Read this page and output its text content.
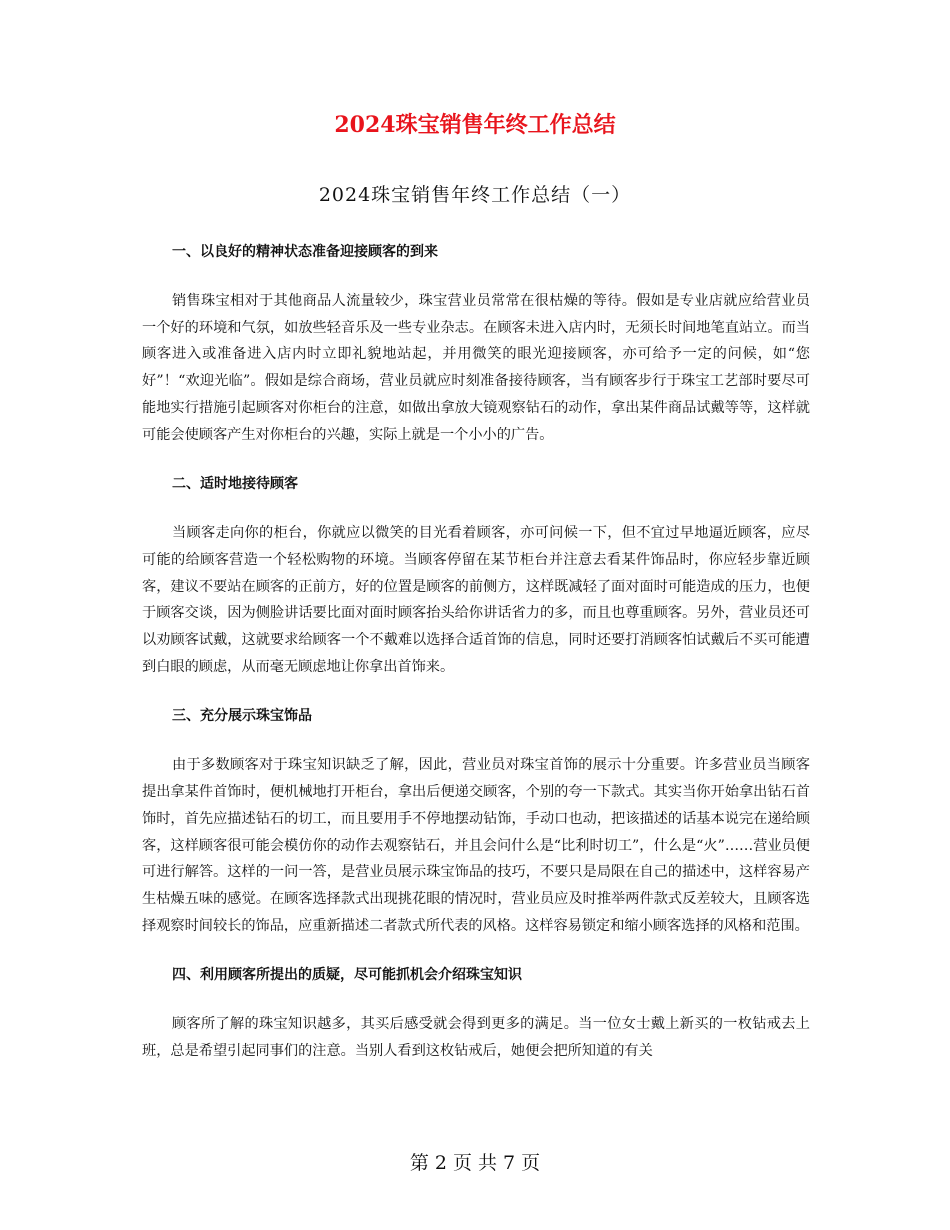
2024珠宝销售年终工作总结
2024珠宝销售年终工作总结（一）
一、以良好的精神状态准备迎接顾客的到来

销售珠宝相对于其他商品人流量较少，珠宝营业员常常在很枯燥的等待。假如是专业店就应给营业员一个好的环境和气氛，如放些轻音乐及一些专业杂志。在顾客未进入店内时，无须长时间地笔直站立。而当顾客进入或准备进入店内时立即礼貌地站起，并用微笑的眼光迎接顾客，亦可给予一定的问候，如“您好”！“欢迎光临”。假如是综合商场，营业员就应时刻准备接待顾客，当有顾客步行于珠宝工艺部时要尽可能地实行措施引起顾客对你柜台的注意，如做出拿放大镜观察钻石的动作，拿出某件商品试戴等等，这样就可能会使顾客产生对你柜台的兴趣，实际上就是一个小小的广告。

二、适时地接待顾客

当顾客走向你的柜台，你就应以微笑的目光看着顾客，亦可问候一下，但不宜过早地逼近顾客，应尽可能的给顾客营造一个轻松购物的环境。当顾客停留在某节柜台并注意去看某件饰品时，你应轻步靠近顾客，建议不要站在顾客的正前方，好的位置是顾客的前侧方，这样既减轻了面对面时可能造成的压力，也便于顾客交谈，因为侧脸讲话要比面对面时顾客抬头给你讲话省力的多，而且也尊重顾客。另外，营业员还可以劝顾客试戴，这就要求给顾客一个不戴难以选择合适首饰的信息，同时还要打消顾客怕试戴后不买可能遭到白眼的顾虑，从而毫无顾虑地让你拿出首饰来。

三、充分展示珠宝饰品

由于多数顾客对于珠宝知识缺乏了解，因此，营业员对珠宝首饰的展示十分重要。许多营业员当顾客提出拿某件首饰时，便机械地打开柜台，拿出后便递交顾客，个别的夸一下款式。其实当你开始拿出钻石首饰时，首先应描述钻石的切工，而且要用手不停地摆动钻饰，手动口也动，把该描述的话基本说完在递给顾客，这样顾客很可能会模仿你的动作去观察钻石，并且会问什么是“比利时切工”，什么是“火”……营业员便可进行解答。这样的一问一答，是营业员展示珠宝饰品的技巧，不要只是局限在自己的描述中，这样容易产生枯燥五味的感觉。在顾客选择款式出现挑花眼的情况时，营业员应及时推举两件款式反差较大，且顾客选择观察时间较长的饰品，应重新描述二者款式所代表的风格。这样容易锁定和缩小顾客选择的风格和范围。

四、利用顾客所提出的质疑，尽可能抓机会介绍珠宝知识

顾客所了解的珠宝知识越多，其买后感受就会得到更多的满足。当一位女士戴上新买的一枚钻戒去上班，总是希望引起同事们的注意。当别人看到这枚钻戒后，她便会把所知道的有关

第 2 页 共 7 页
